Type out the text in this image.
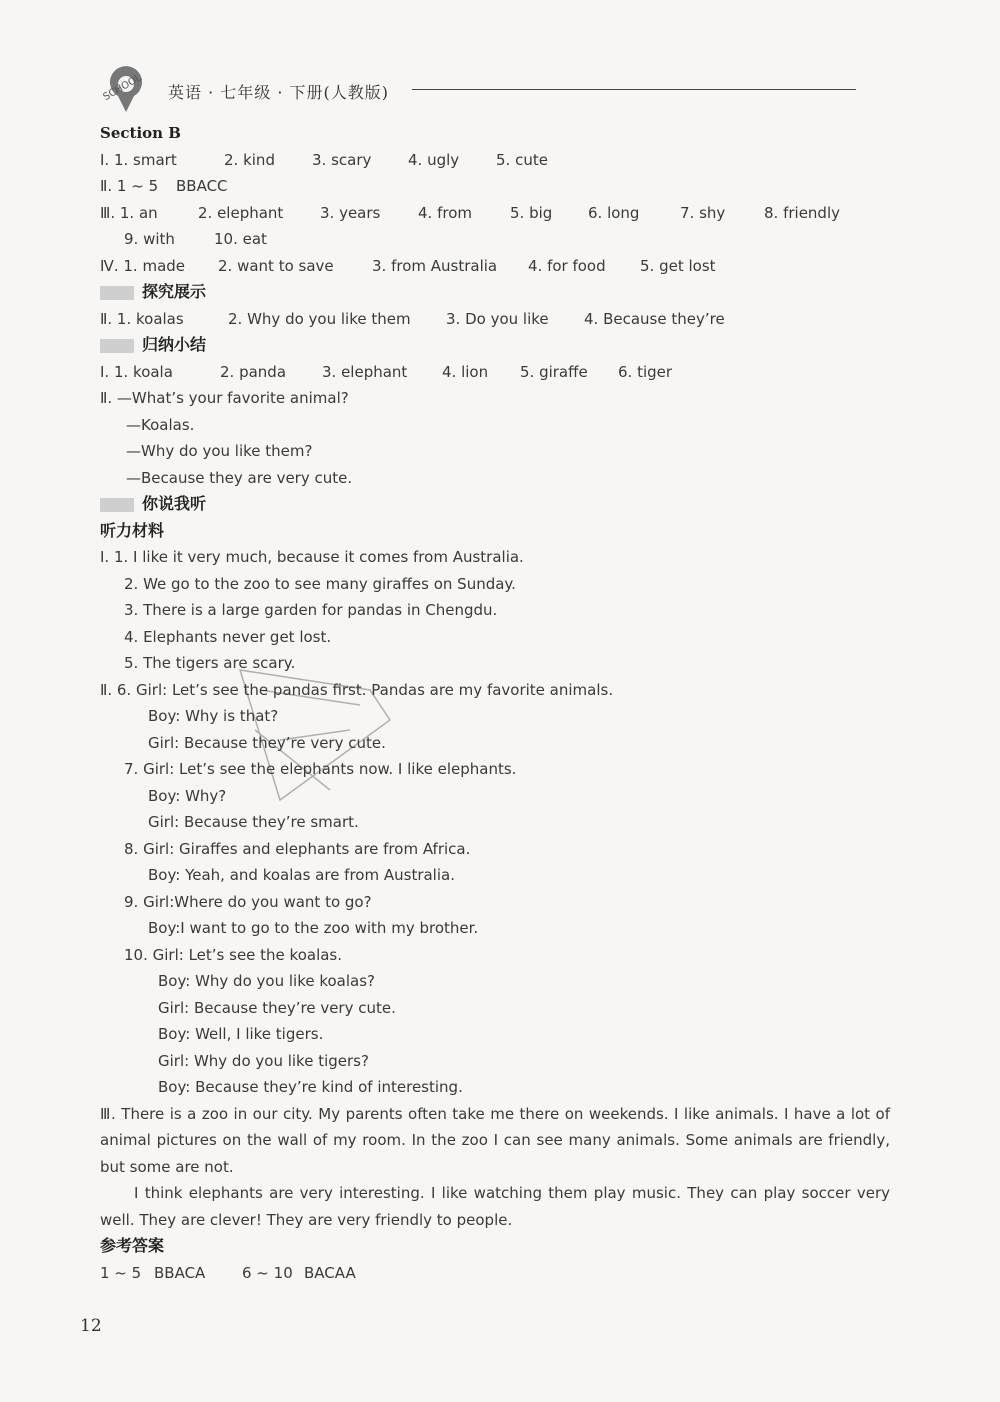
SCHOOL 英语 · 七年级 · 下册(人教版)
Section B
Ⅰ. 1. smart	2. kind 3. scary 4. ugly 5. cute
Ⅱ. 1 ~ 5 BBACC
Ⅲ. 1. an	2. elephant 3. years	4. from	5. big 6. long	7. shy	8. friendly
9. with	10. eat
Ⅳ. 1. made 2. want to save	3. from Australia 4. for food 5. get lost
探究展示
Ⅱ. 1. koalas	2. Why do you like them 3. Do you like 4. Because they’re
归纳小结
Ⅰ. 1. koala	2. panda 3. elephant 4. lion 5. giraffe 6. tiger
Ⅱ. —What’s your favorite animal?
—Koalas.
—Why do you like them?
—Because they are very cute.
你说我听
听力材料
Ⅰ. 1. I like it very much, because it comes from Australia.
2. We go to the zoo to see many giraffes on Sunday.
3. There is a large garden for pandas in Chengdu.
4. Elephants never get lost.
5. The tigers are scary.
Ⅱ. 6. Girl: Let’s see the pandas first. Pandas are my favorite animals.
Boy: Why is that?
Girl: Because they’re very cute.
7. Girl: Let’s see the elephants now. I like elephants.
Boy: Why?
Girl: Because they’re smart.
8. Girl: Giraffes and elephants are from Africa.
Boy: Yeah, and koalas are from Australia.
9. Girl:Where do you want to go?
Boy:I want to go to the zoo with my brother.
10. Girl: Let’s see the koalas.
Boy: Why do you like koalas?
Girl: Because they’re very cute.
Boy: Well, I like tigers.
Girl: Why do you like tigers?
Boy: Because they’re kind of interesting.
Ⅲ. There is a zoo in our city. My parents often take me there on weekends. I like animals. I have a lot of animal pictures on the wall of my room. In the zoo I can see many animals. Some animals are friendly, but some are not.
I think elephants are very interesting. I like watching them play music. They can play soccer very well. They are clever! They are very friendly to people.
参考答案
1 ~ 5 BBACA 6 ~ 10 BACAA
12
